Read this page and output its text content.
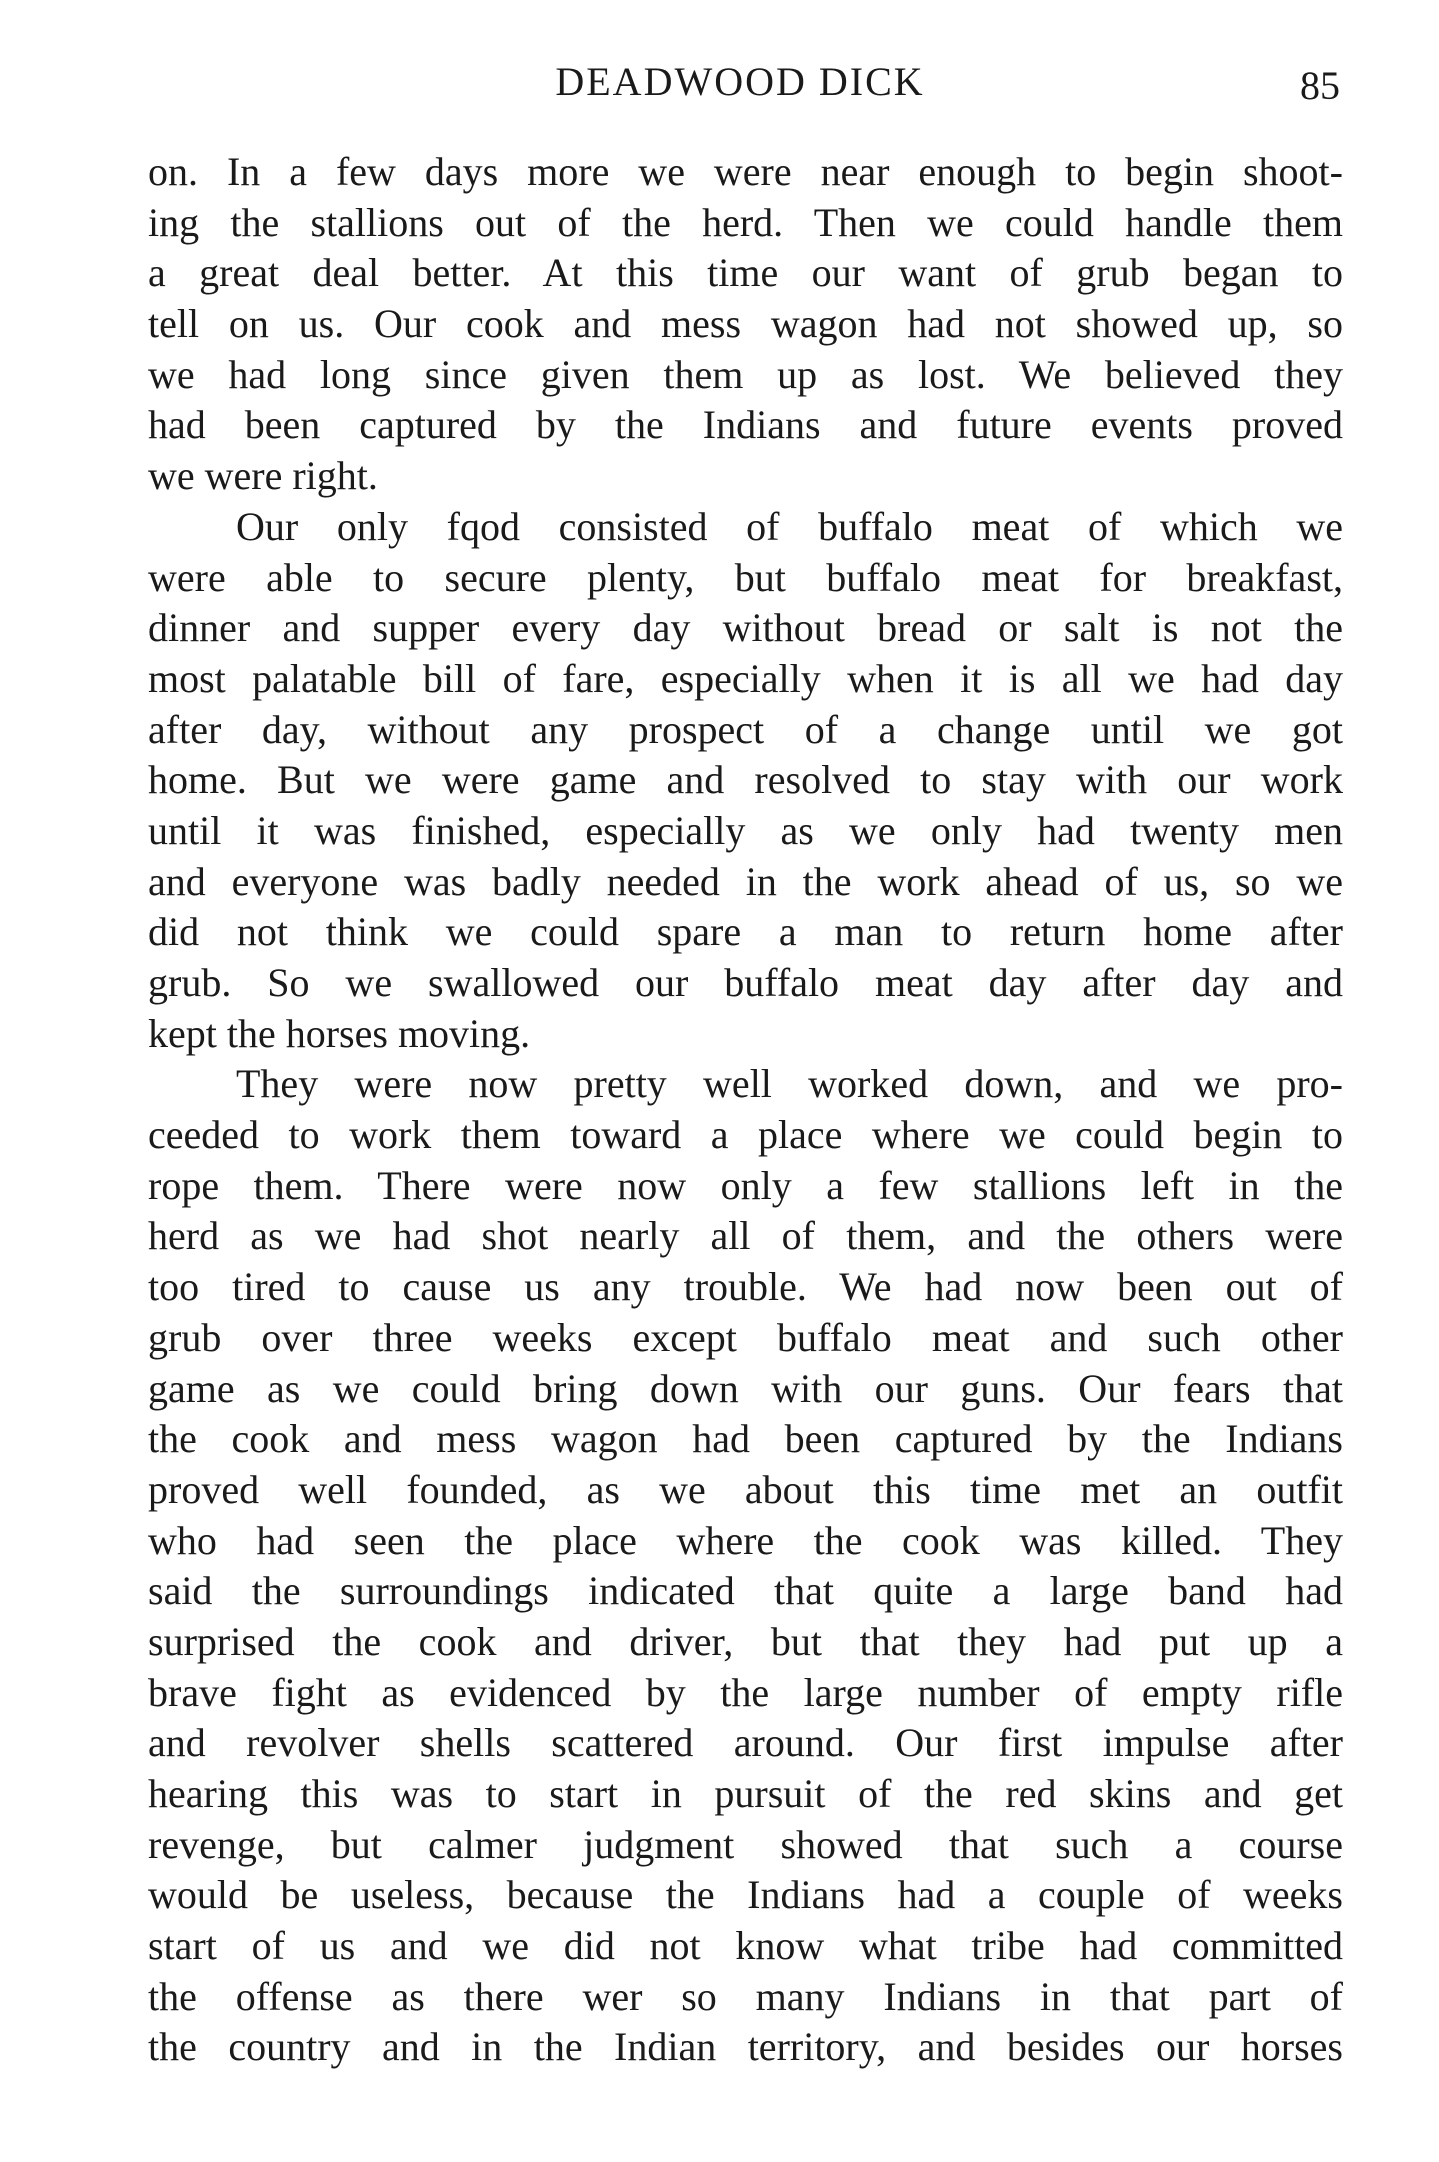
DEADWOOD DICK	85
on. In a few days more we were near enough to begin shoot-
ing the stallions out of the herd. Then we could handle them
a great deal better. At this time our want of grub began to
tell on us. Our cook and mess wagon had not showed up, so
we had long since given them up as lost. We believed they
had been captured by the Indians and future events proved
we were right.
Our only fqod consisted of buffalo meat of which we
were able to secure plenty, but buffalo meat for breakfast,
dinner and supper every day without bread or salt is not the
most palatable bill of fare, especially when it is all we had day
after day, without any prospect of a change until we got
home. But we were game and resolved to stay with our work
until it was finished, especially as we only had twenty men
and everyone was badly needed in the work ahead of us, so we
did not think we could spare a man to return home after
grub. So we swallowed our buffalo meat day after day and
kept the horses moving.
They were now pretty well worked down, and we pro-
ceeded to work them toward a place where we could begin to
rope them. There were now only a few stallions left in the
herd as we had shot nearly all of them, and the others were
too tired to cause us any trouble. We had now been out of
grub over three weeks except buffalo meat and such other
game as we could bring down with our guns. Our fears that
the cook and mess wagon had been captured by the Indians
proved well founded, as we about this time met an outfit
who had seen the place where the cook was killed. They
said the surroundings indicated that quite a large band had
surprised the cook and driver, but that they had put up a
brave fight as evidenced by the large number of empty rifle
and revolver shells scattered around. Our first impulse after
hearing this was to start in pursuit of the red skins and get
revenge, but calmer judgment showed that such a course
would be useless, because the Indians had a couple of weeks
start of us and we did not know what tribe had committed
the offense as there wer so many Indians in that part of
the country and in the Indian territory, and besides our horses
